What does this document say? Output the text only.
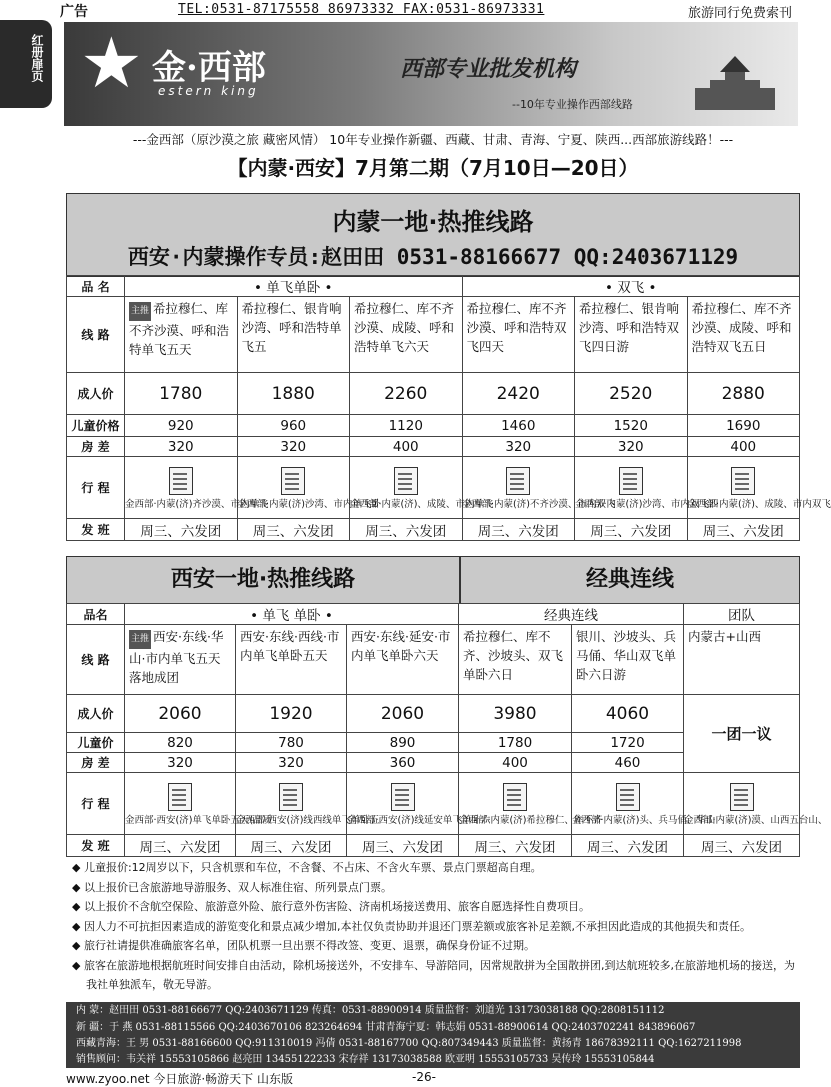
广告	TEL:0531-87175558 86973332 FAX:0531-86973331	旅游同行免费索刊
红册扉页 ★ 金·西部
estern king
西部专业批发机构
--10年专业操作西部线路
---金西部（原沙漠之旅 藏密风情） 10年专业操作新疆、西藏、甘肃、青海、宁夏、陕西...西部旅游线路！---
【内蒙·西安】7月第二期（7月10日—20日）
内蒙一地·热推线路
西安·内蒙操作专员:赵田田 0531-88166677 QQ:2403671129
品 名	• 单飞单卧 •			• 双飞 •		
线 路	主推 希拉穆仁、库不齐沙漠、呼和浩特单飞五天	希拉穆仁、银肯响沙湾、呼和浩特单飞五	希拉穆仁、库不齐沙漠、成陵、呼和浩特单飞六天	希拉穆仁、库不齐沙漠、呼和浩特双飞四天	希拉穆仁、银肯响沙湾、呼和浩特双飞四日游	希拉穆仁、库不齐沙漠、成陵、呼和浩特双飞五日
成人价	1780	1880	2260	2420	2520	2880
儿童价格	920	960	1120	1460	1520	1690
房 差	320	320	400	320	320	400
行 程	金西部·内蒙(济)齐沙漠、市内单飞	金西部·内蒙(济)沙湾、市内单飞卧	金西部·内蒙(济)、成陵、市内单飞	金西部·内蒙(济)不齐沙漠、市内双飞	金西部·内蒙(济)沙湾、市内双飞四	金西部·内蒙(济)、成陵、市内双飞

发 班	周三、六发团	周三、六发团	周三、六发团	周三、六发团	周三、六发团	周三、六发团
西安一地·热推线路	经典连线
品名	• 单飞 单卧 •			经典连线		团队
线 路	主推 西安·东线·华山·市内单飞五天落地成团	西安·东线·西线·市内单飞单卧五天	西安·东线·延安·市内单飞单卧六天	希拉穆仁、库不齐、沙坡头、双飞单卧六日	银川、沙坡头、兵马俑、华山双飞单卧六日游	内蒙古+山西
成人价	2060	1920	2060	3980	4060	一团一议
儿童价	820	780	890	1780	1720	
房 差	320	320	360	400	460	
行 程	金西部·西安(济)单飞单卧五天(品质	金西部·西安(济)线西线单飞单卧五	金西部·西安(济)线延安单飞单卧六	金西部·内蒙(济)希拉穆仁、库不齐	金西部·内蒙(济)头、兵马俑、华山	金西部·内蒙(济)漠、山西五台山、

发 班	周三、六发团	周三、六发团	周三、六发团	周三、六发团	周三、六发团	周三、六发团
◆ 儿童报价:12周岁以下，只含机票和车位，不含餐、不占床、不含火车票、景点门票超高自理。
◆ 以上报价已含旅游地导游服务、双人标准住宿、所列景点门票。
◆ 以上报价不含航空保险、旅游意外险、旅行意外伤害险、济南机场接送费用、旅客自愿选择性自费项目。
◆ 因人力不可抗拒因素造成的游览变化和景点减少增加,本社仅负责协助并退还门票差额或旅客补足差额,不承担因此造成的其他损失和责任。
◆ 旅行社请提供准确旅客名单，团队机票一旦出票不得改签、变更、退票，确保身份证不过期。
◆ 旅客在旅游地根据航班时间安排自由活动，除机场接送外，不安排车、导游陪同，因常规散拼为全国散拼团,到达航班较多,在旅游地机场的接送，为我社单独派车，敬无导游。
内 蒙：赵田田 0531-88166677 QQ:2403671129 传真：0531-88900914 质量监督：刘道光 13173038188 QQ:2808151112
新 疆：于 燕 0531-88115566 QQ:2403670106 823264694 甘肃青海宁夏：韩志娟 0531-88900614 QQ:2403702241 843896067
西藏青海：王 男 0531-88166600 QQ:911310019 冯倩 0531-88167700 QQ:807349443 质量监督：黄扬青 18678392111 QQ:1627211998
销售顾问：韦关祥 15553105866 赵亮田 13455122233 宋存祥 13173038588 欧亚明 15553105733 吴传玲 15553105844
www.zyoo.net 今日旅游·畅游天下 山东版	-26-
